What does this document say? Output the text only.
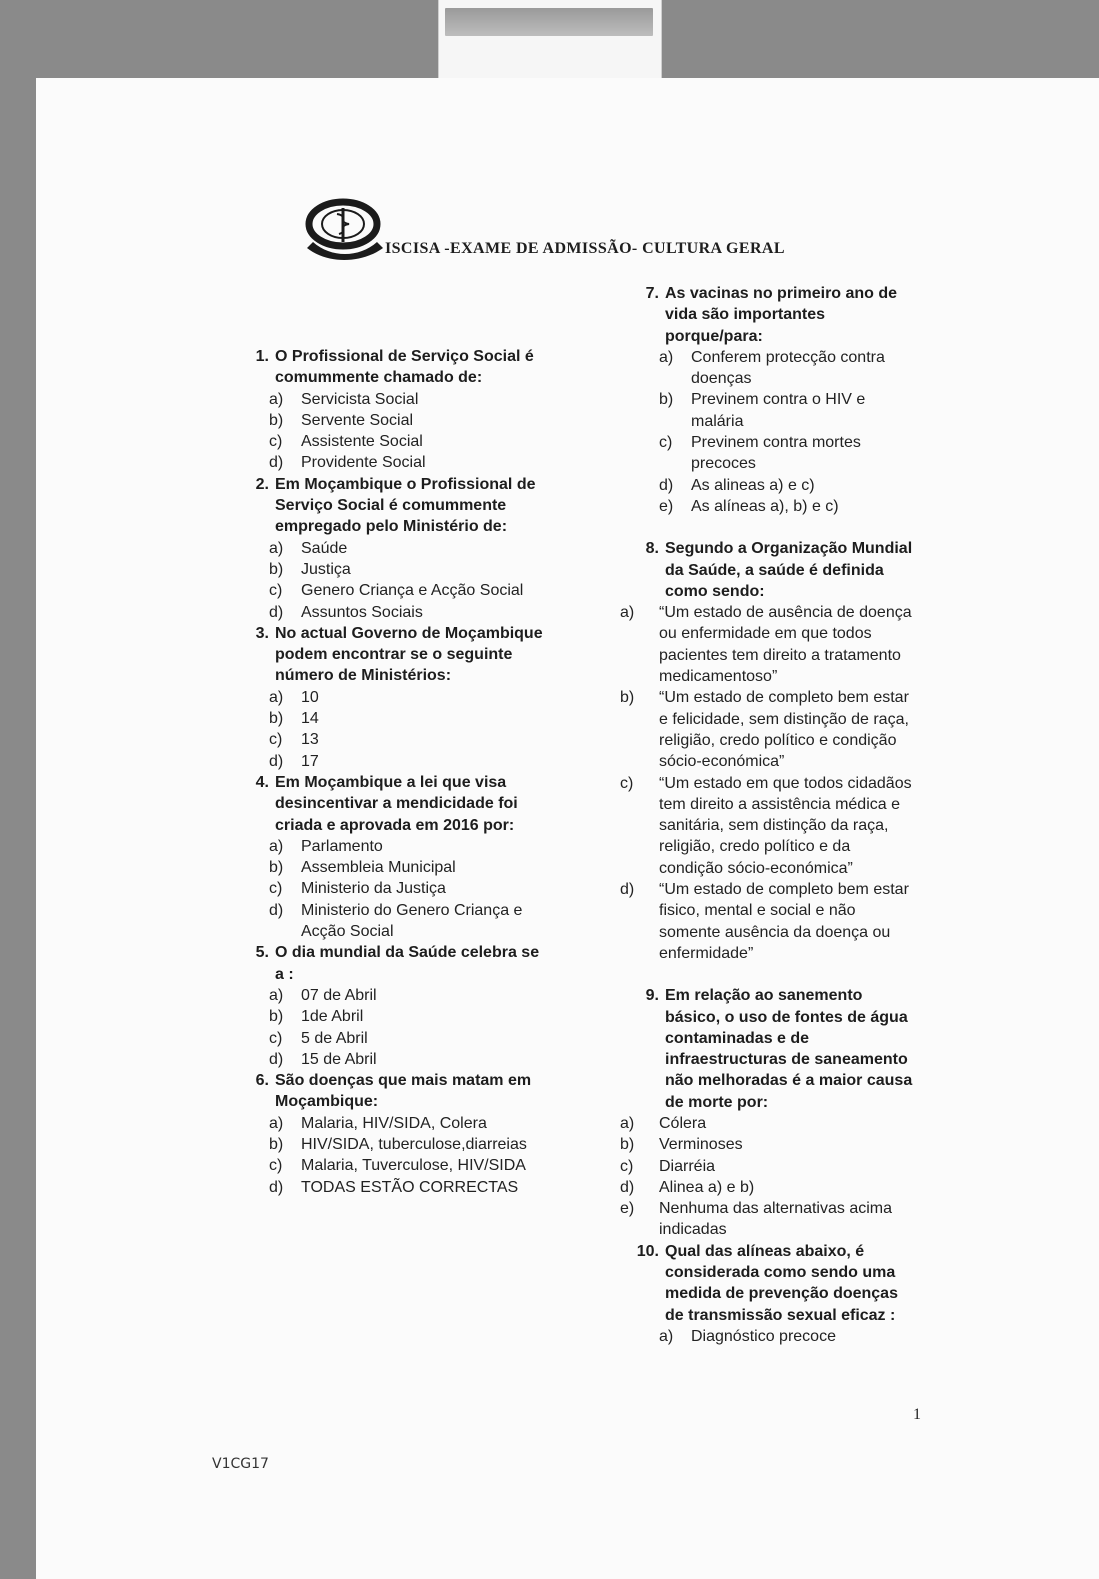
ISCISA -EXAME DE ADMISSÃO- CULTURA GERAL
1. O Profissional de Serviço Social é comummente chamado de:
a)	Servicista Social
b)	Servente Social
c)	Assistente Social
d)	Providente Social
2. Em Moçambique o Profissional de Serviço Social é comummente empregado pelo Ministério de:
a)	Saúde
b)	Justiça
c)	Genero Criança e Acção Social
d)	Assuntos Sociais
3. No actual Governo de Moçambique podem encontrar se o seguinte número de Ministérios:
a)	10
b)	14
c)	13
d)	17
4. Em Moçambique a lei que visa desincentivar a mendicidade foi criada e aprovada em 2016 por:
a)	Parlamento
b)	Assembleia Municipal
c)	Ministerio da Justiça
d)	Ministerio do Genero Criança e Acção Social
5. O dia mundial da Saúde celebra se a :
a)	07 de Abril
b)	1de Abril
c)	5 de Abril
d)	15 de Abril
6. São doenças que mais matam em Moçambique:
a)	Malaria, HIV/SIDA, Colera
b)	HIV/SIDA, tuberculose,diarreias
c)	Malaria, Tuverculose, HIV/SIDA
d)	TODAS ESTÃO CORRECTAS
7. As vacinas no primeiro ano de vida são importantes porque/para:
a)	Conferem protecção contra doenças
b)	Previnem contra o HIV e malária
c)	Previnem contra mortes precoces
d)	As alineas a) e c)
e)	As alíneas a), b) e c)
8. Segundo a Organização Mundial da Saúde, a saúde é definida como sendo:
a)	“Um estado de ausência de doença ou enfermidade em que todos pacientes tem direito a tratamento medicamentoso”
b)	“Um estado de completo bem estar e felicidade, sem distinção de raça, religião, credo político e condição sócio-económica”
c)	“Um estado em que todos cidadãos tem direito a assistência médica e sanitária, sem distinção da raça, religião, credo político e da condição sócio-económica”
d)	“Um estado de completo bem estar fisico, mental e social e não somente ausência da doença ou enfermidade”
9. Em relação ao sanemento básico, o uso de fontes de água contaminadas e de infraestructuras de saneamento não melhoradas é a maior causa de morte por:
a)	Cólera
b)	Verminoses
c)	Diarréia
d)	Alinea a) e b)
e)	Nenhuma das alternativas acima indicadas
10. Qual das alíneas abaixo, é considerada como sendo uma medida de prevenção doenças de transmissão sexual eficaz :
a)	Diagnóstico precoce
1
V1CG17
